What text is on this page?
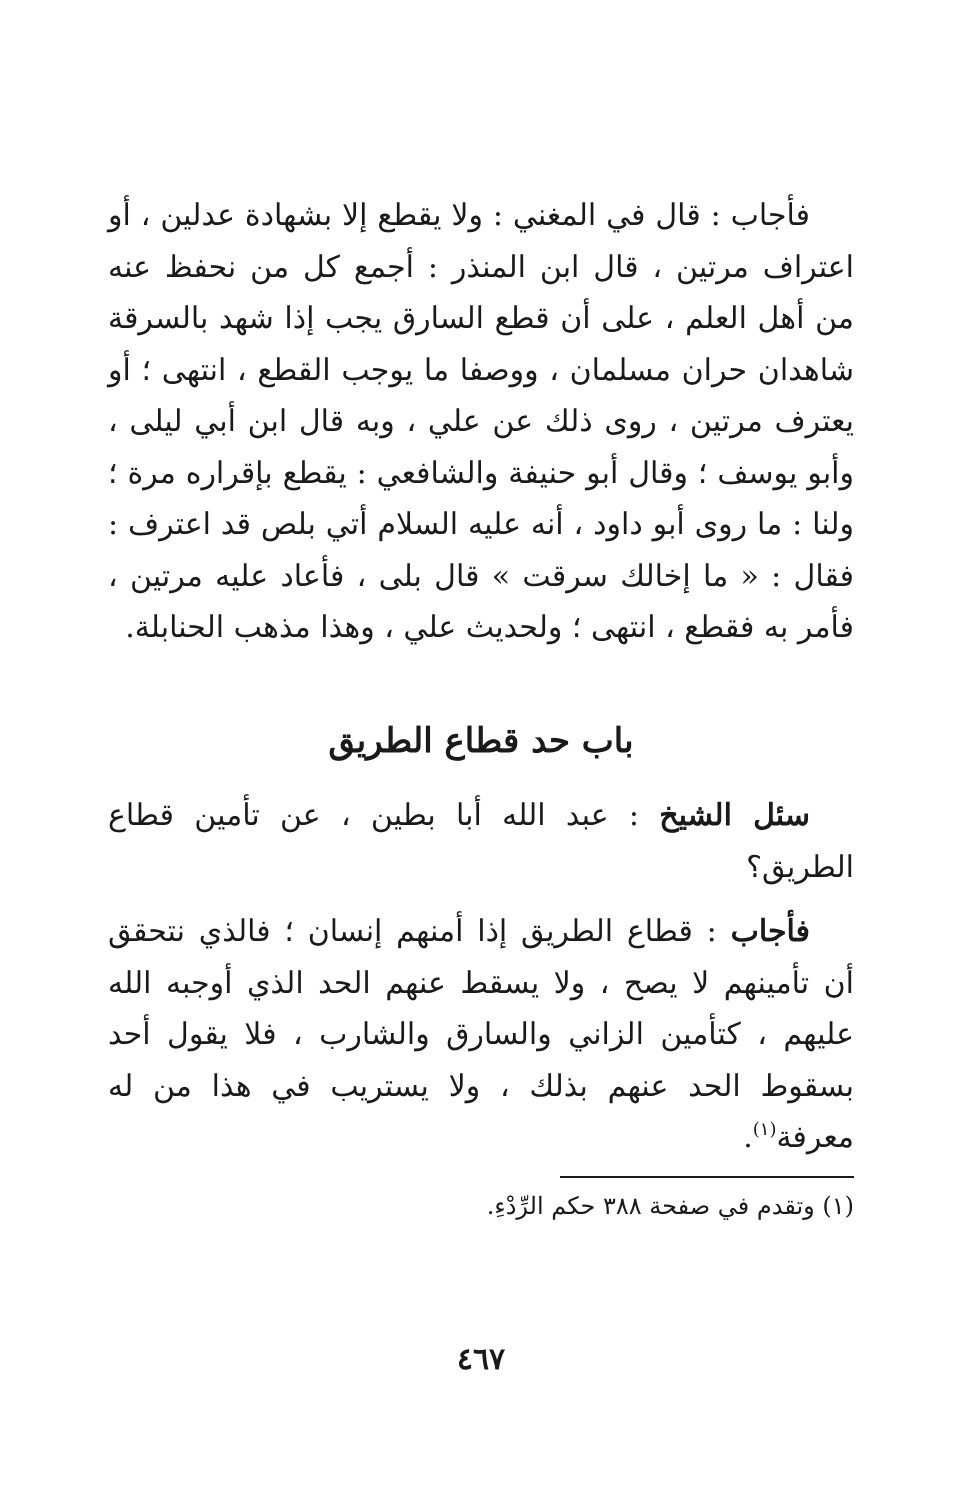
فأجاب : قال في المغني : ولا يقطع إلا بشهادة عدلين ، أو اعتراف مرتين ، قال ابن المنذر : أجمع كل من نحفظ عنه من أهل العلم ، على أن قطع السارق يجب إذا شهد بالسرقة شاهدان حران مسلمان ، ووصفا ما يوجب القطع ، انتهى ؛ أو يعترف مرتين ، روى ذلك عن علي ، وبه قال ابن أبي ليلى ، وأبو يوسف ؛ وقال أبو حنيفة والشافعي : يقطع بإقراره مرة ؛ ولنا : ما روى أبو داود ، أنه عليه السلام أتي بلص قد اعترف : فقال : « ما إخالك سرقت » قال بلى ، فأعاد عليه مرتين ، فأمر به فقطع ، انتهى ؛ ولحديث علي ، وهذا مذهب الحنابلة.

باب حد قطاع الطريق

سئل الشيخ : عبد الله أبا بطين ، عن تأمين قطاع الطريق؟

فأجاب : قطاع الطريق إذا أمنهم إنسان ؛ فالذي نتحقق أن تأمينهم لا يصح ، ولا يسقط عنهم الحد الذي أوجبه الله عليهم ، كتأمين الزاني والسارق والشارب ، فلا يقول أحد بسقوط الحد عنهم بذلك ، ولا يستريب في هذا من له معرفة$^{(١)}$.

(١) وتقدم في صفحة ٣٨٨ حكم الرِّدْءِ.
٤٦٧
